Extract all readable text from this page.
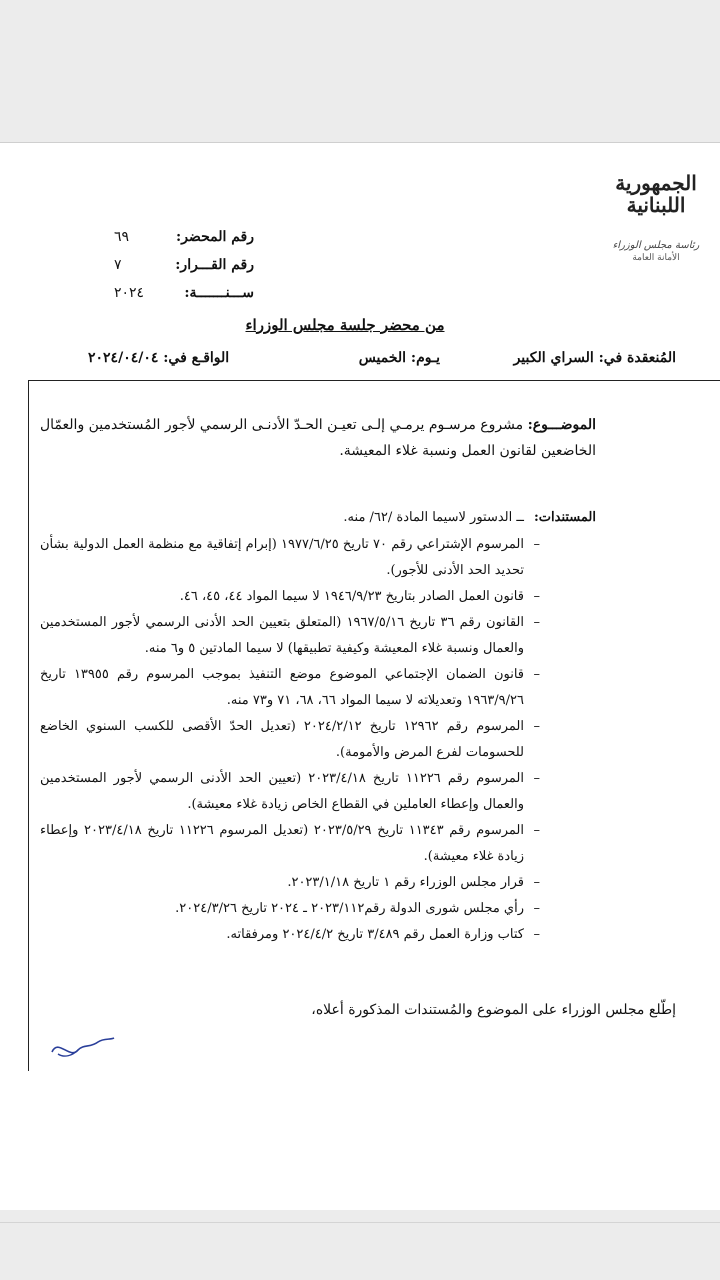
الجمهورية
اللبنانية
رئاسة مجلس الوزراء
الأمانة العامة
رقم المحضر:
٦٩
رقم القـــرار:
٧
ســـنـــــــة:
٢٠٢٤
من محضر جلسة مجلس الوزراء
المُنعقدة في: السراي الكبير
يـوم: الخميس
الواقـع في: ٢٠٢٤/٠٤/٠٤
الموضـــوع: مشروع مرسـوم يرمـي إلـى تعيـن الحـدّ الأدنـى الرسمي لأجور المُستخدمين والعمّال الخاضعين لقانون العمل ونسبة غلاء المعيشة.
المستندات:
ــ الدستور لاسيما المادة /٦٢/ منه.
– المرسوم الإشتراعي رقم ٧٠ تاريخ ١٩٧٧/٦/٢٥ (إبرام إتفاقية مع منظمة العمل الدولية بشأن تحديد الحد الأدنى للأجور).
– قانون العمل الصادر بتاريخ ١٩٤٦/٩/٢٣ لا سيما المواد ٤٤، ٤٥، ٤٦.
– القانون رقم ٣٦ تاريخ ١٩٦٧/٥/١٦ (المتعلق بتعيين الحد الأدنى الرسمي لأجور المستخدمين والعمال ونسبة غلاء المعيشة وكيفية تطبيقها) لا سيما المادتين ٥ و٦ منه.
– قانون الضمان الإجتماعي الموضوع موضع التنفيذ بموجب المرسوم رقم ١٣٩٥٥ تاريخ ١٩٦٣/٩/٢٦ وتعديلاته لا سيما المواد ٦٦، ٦٨، ٧١ و٧٣ منه.
– المرسوم رقم ١٢٩٦٢ تاريخ ٢٠٢٤/٢/١٢ (تعديل الحدّ الأقصى للكسب السنوي الخاضع للحسومات لفرع المرض والأمومة).
– المرسوم رقم ١١٢٢٦ تاريخ ٢٠٢٣/٤/١٨ (تعيين الحد الأدنى الرسمي لأجور المستخدمين والعمال وإعطاء العاملين في القطاع الخاص زيادة غلاء معيشة).
– المرسوم رقم ١١٣٤٣ تاريخ ٢٠٢٣/٥/٢٩ (تعديل المرسوم ١١٢٢٦ تاريخ ٢٠٢٣/٤/١٨ وإعطاء زيادة غلاء معيشة).
– قرار مجلس الوزراء رقم ١ تاريخ ٢٠٢٣/١/١٨.
– رأي مجلس شورى الدولة رقم٢٠٢٣/١١٢ ـ ٢٠٢٤ تاريخ ٢٠٢٤/٣/٢٦.
– كتاب وزارة العمل رقم ٣/٤٨٩ تاريخ ٢٠٢٤/٤/٢ ومرفقاته.
إطّلع مجلس الوزراء على الموضوع والمُستندات المذكورة أعلاه،
